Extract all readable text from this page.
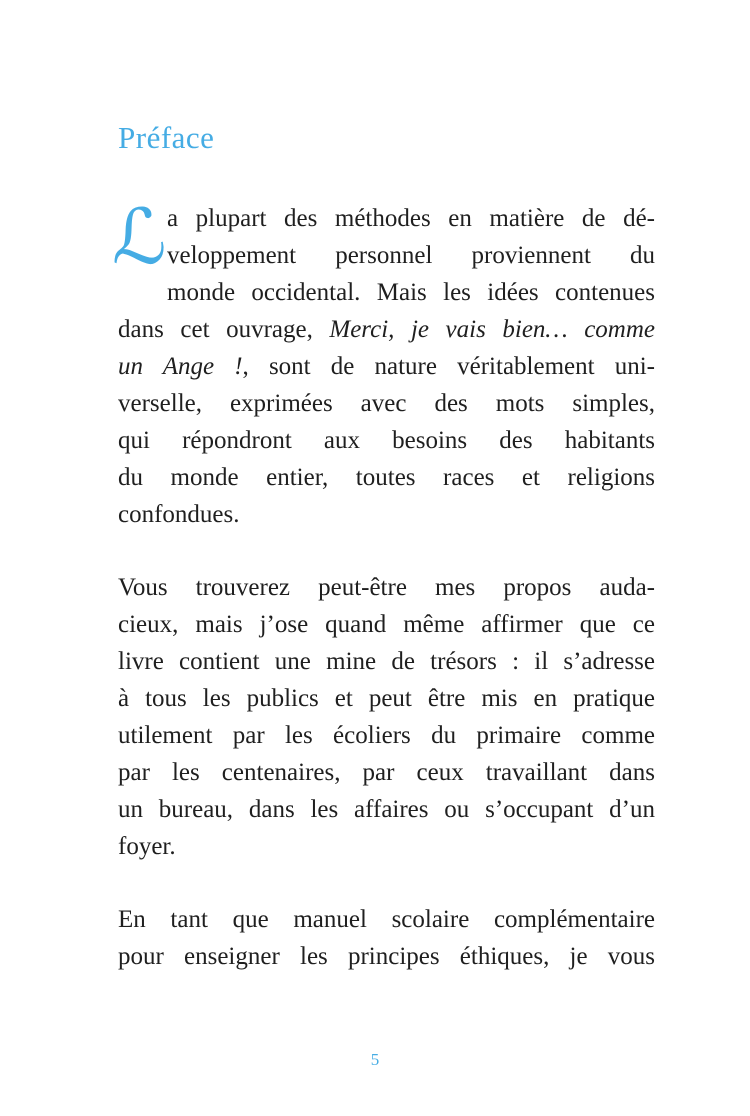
Préface
ℒ a plupart des méthodes en matière de dé-
veloppement personnel proviennent du
monde occidental. Mais les idées contenues
dans cet ouvrage, Merci, je vais bien… comme
un Ange !, sont de nature véritablement uni-
verselle, exprimées avec des mots simples,
qui répondront aux besoins des habitants
du monde entier, toutes races et religions
confondues.
Vous trouverez peut-être mes propos auda-
cieux, mais j’ose quand même affirmer que ce
livre contient une mine de trésors : il s’adresse
à tous les publics et peut être mis en pratique
utilement par les écoliers du primaire comme
par les centenaires, par ceux travaillant dans
un bureau, dans les affaires ou s’occupant d’un
foyer.
En tant que manuel scolaire complémentaire
pour enseigner les principes éthiques, je vous
5
